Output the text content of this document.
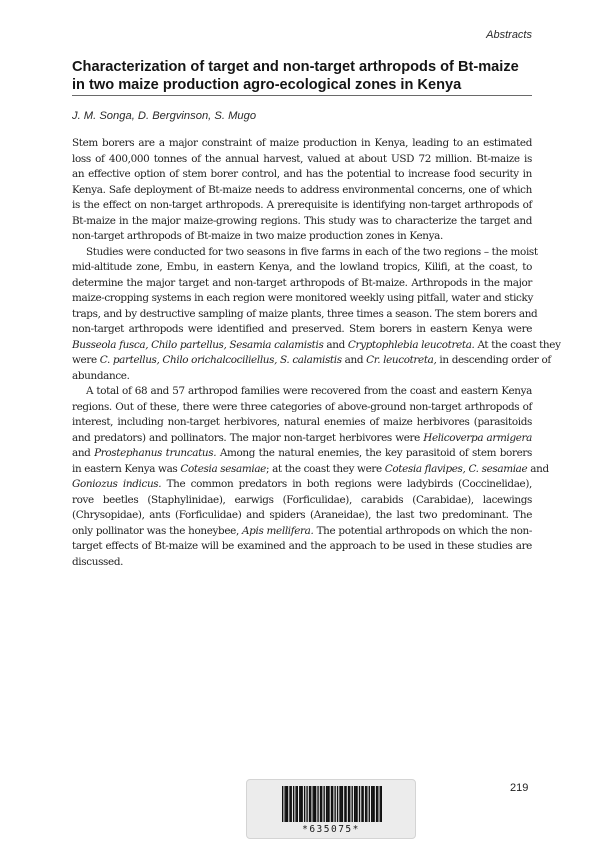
Abstracts
Characterization of target and non-target arthropods of Bt-maize in two maize production agro-ecological zones in Kenya
J. M. Songa, D. Bergvinson, S. Mugo
Stem borers are a major constraint of maize production in Kenya, leading to an estimated
loss of 400,000 tonnes of the annual harvest, valued at about USD 72 million. Bt-maize is
an effective option of stem borer control, and has the potential to increase food security in
Kenya. Safe deployment of Bt-maize needs to address environmental concerns, one of which
is the effect on non-target arthropods. A prerequisite is identifying non-target arthropods of
Bt-maize in the major maize-growing regions. This study was to characterize the target and
non-target arthropods of Bt-maize in two maize production zones in Kenya.
Studies were conducted for two seasons in five farms in each of the two regions – the moist
mid-altitude zone, Embu, in eastern Kenya, and the lowland tropics, Kilifi, at the coast, to
determine the major target and non-target arthropods of Bt-maize. Arthropods in the major
maize-cropping systems in each region were monitored weekly using pitfall, water and sticky
traps, and by destructive sampling of maize plants, three times a season. The stem borers and
non-target arthropods were identified and preserved. Stem borers in eastern Kenya were
Busseola fusca, Chilo partellus, Sesamia calamistis and Cryptophlebia leucotreta. At the coast they
were C. partellus, Chilo orichalcociliellus, S. calamistis and Cr. leucotreta, in descending order of
abundance.
A total of 68 and 57 arthropod families were recovered from the coast and eastern Kenya
regions. Out of these, there were three categories of above-ground non-target arthropods of
interest, including non-target herbivores, natural enemies of maize herbivores (parasitoids
and predators) and pollinators. The major non-target herbivores were Helicoverpa armigera
and Prostephanus truncatus. Among the natural enemies, the key parasitoid of stem borers
in eastern Kenya was Cotesia sesamiae; at the coast they were Cotesia flavipes, C. sesamiae and
Goniozus indicus. The common predators in both regions were ladybirds (Coccinelidae),
rove beetles (Staphylinidae), earwigs (Forficulidae), carabids (Carabidae), lacewings
(Chrysopidae), ants (Forficulidae) and spiders (Araneidae), the last two predominant. The
only pollinator was the honeybee, Apis mellifera. The potential arthropods on which the non-
target effects of Bt-maize will be examined and the approach to be used in these studies are
discussed.
*635075*
219
